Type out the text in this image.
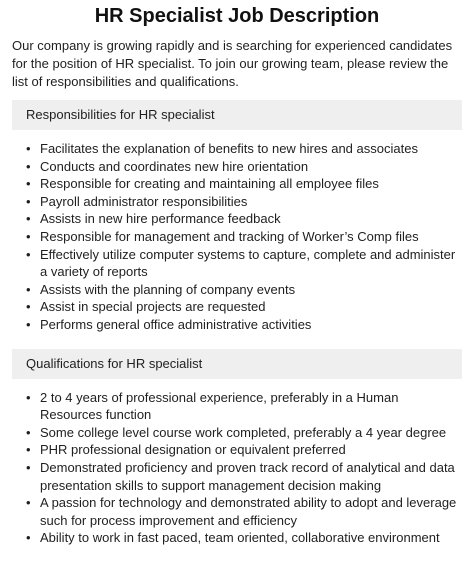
HR Specialist Job Description

Our company is growing rapidly and is searching for experienced candidates for the position of HR specialist. To join our growing team, please review the list of responsibilities and qualifications.

Responsibilities for HR specialist
• Facilitates the explanation of benefits to new hires and associates
• Conducts and coordinates new hire orientation
• Responsible for creating and maintaining all employee files
• Payroll administrator responsibilities
• Assists in new hire performance feedback
• Responsible for management and tracking of Worker’s Comp files
• Effectively utilize computer systems to capture, complete and administer a variety of reports
• Assists with the planning of company events
• Assist in special projects are requested
• Performs general office administrative activities
Qualifications for HR specialist
• 2 to 4 years of professional experience, preferably in a Human Resources function
• Some college level course work completed, preferably a 4 year degree
• PHR professional designation or equivalent preferred
• Demonstrated proficiency and proven track record of analytical and data presentation skills to support management decision making
• A passion for technology and demonstrated ability to adopt and leverage such for process improvement and efficiency
• Ability to work in fast paced, team oriented, collaborative environment
